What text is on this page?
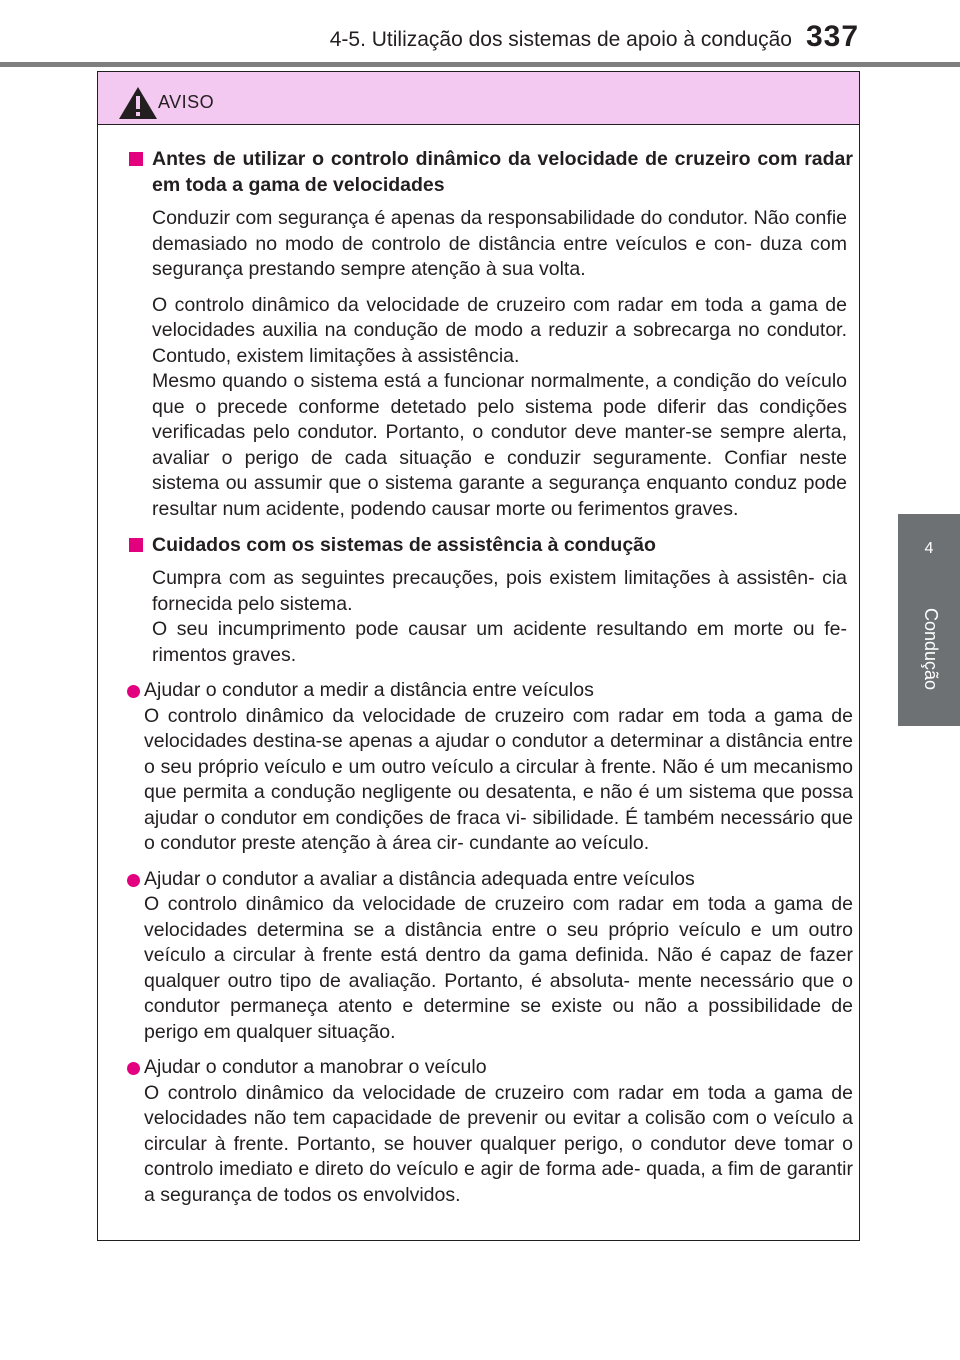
4-5. Utilização dos sistemas de apoio à condução 337
4
Condução
AVISO
Antes de utilizar o controlo dinâmico da velocidade de cruzeiro com radar em toda a gama de velocidades

Conduzir com segurança é apenas da responsabilidade do condutor. Não confie demasiado no modo de controlo de distância entre veículos e con- duza com segurança prestando sempre atenção à sua volta.

O controlo dinâmico da velocidade de cruzeiro com radar em toda a gama de velocidades auxilia na condução de modo a reduzir a sobrecarga no condutor. Contudo, existem limitações à assistência.

Mesmo quando o sistema está a funcionar normalmente, a condição do veículo que o precede conforme detetado pelo sistema pode diferir das condições verificadas pelo condutor. Portanto, o condutor deve manter-se sempre alerta, avaliar o perigo de cada situação e conduzir seguramente. Confiar neste sistema ou assumir que o sistema garante a segurança enquanto conduz pode resultar num acidente, podendo causar morte ou ferimentos graves.

Cuidados com os sistemas de assistência à condução

Cumpra com as seguintes precauções, pois existem limitações à assistên- cia fornecida pelo sistema.

O seu incumprimento pode causar um acidente resultando em morte ou fe- rimentos graves.

Ajudar o condutor a medir a distância entre veículos

O controlo dinâmico da velocidade de cruzeiro com radar em toda a gama de velocidades destina-se apenas a ajudar o condutor a determinar a distância entre o seu próprio veículo e um outro veículo a circular à frente. Não é um mecanismo que permita a condução negligente ou desatenta, e não é um sistema que possa ajudar o condutor em condições de fraca vi- sibilidade. É também necessário que o condutor preste atenção à área cir- cundante ao veículo.

Ajudar o condutor a avaliar a distância adequada entre veículos

O controlo dinâmico da velocidade de cruzeiro com radar em toda a gama de velocidades determina se a distância entre o seu próprio veículo e um outro veículo a circular à frente está dentro da gama definida. Não é capaz de fazer qualquer outro tipo de avaliação. Portanto, é absoluta- mente necessário que o condutor permaneça atento e determine se existe ou não a possibilidade de perigo em qualquer situação.

Ajudar o condutor a manobrar o veículo

O controlo dinâmico da velocidade de cruzeiro com radar em toda a gama de velocidades não tem capacidade de prevenir ou evitar a colisão com o veículo a circular à frente. Portanto, se houver qualquer perigo, o condutor deve tomar o controlo imediato e direto do veículo e agir de forma ade- quada, a fim de garantir a segurança de todos os envolvidos.
